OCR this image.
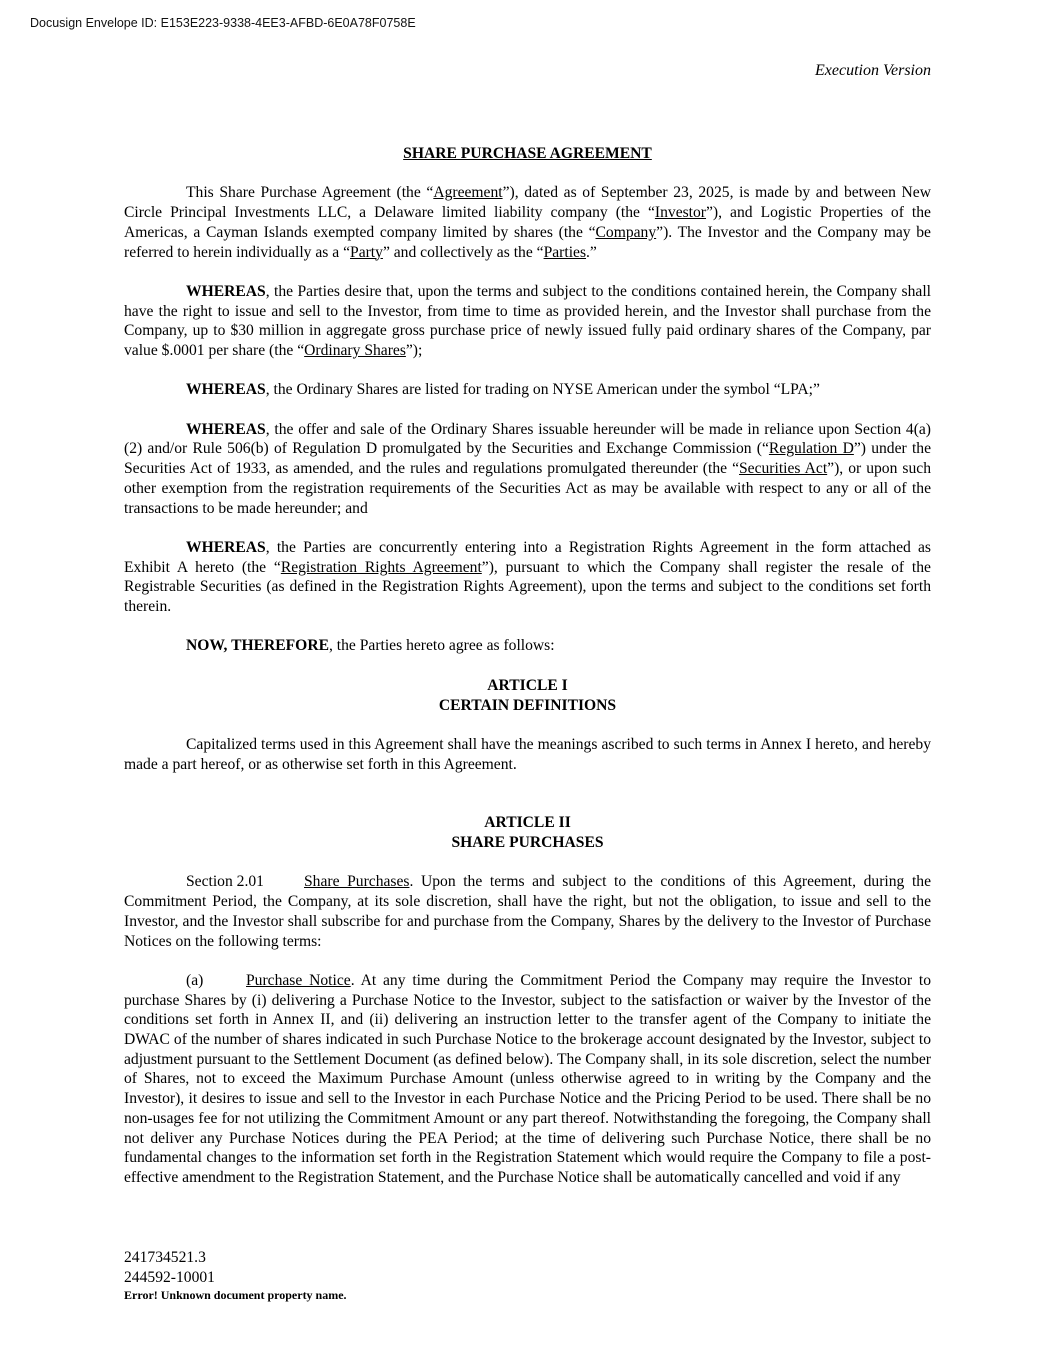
Docusign Envelope ID: E153E223-9338-4EE3-AFBD-6E0A78F0758E
Execution Version
SHARE PURCHASE AGREEMENT

This Share Purchase Agreement (the “Agreement”), dated as of September 23, 2025, is made by and between New Circle Principal Investments LLC, a Delaware limited liability company (the “Investor”), and Logistic Properties of the Americas, a Cayman Islands exempted company limited by shares (the “Company”). The Investor and the Company may be referred to herein individually as a “Party” and collectively as the “Parties.”

WHEREAS, the Parties desire that, upon the terms and subject to the conditions contained herein, the Company shall have the right to issue and sell to the Investor, from time to time as provided herein, and the Investor shall purchase from the Company, up to $30 million in aggregate gross purchase price of newly issued fully paid ordinary shares of the Company, par value $.0001 per share (the “Ordinary Shares”);

WHEREAS, the Ordinary Shares are listed for trading on NYSE American under the symbol “LPA;”

WHEREAS, the offer and sale of the Ordinary Shares issuable hereunder will be made in reliance upon Section 4(a)(2) and/or Rule 506(b) of Regulation D promulgated by the Securities and Exchange Commission (“Regulation D”) under the Securities Act of 1933, as amended, and the rules and regulations promulgated thereunder (the “Securities Act”), or upon such other exemption from the registration requirements of the Securities Act as may be available with respect to any or all of the transactions to be made hereunder; and

WHEREAS, the Parties are concurrently entering into a Registration Rights Agreement in the form attached as Exhibit A hereto (the “Registration Rights Agreement”), pursuant to which the Company shall register the resale of the Registrable Securities (as defined in the Registration Rights Agreement), upon the terms and subject to the conditions set forth therein.

NOW, THEREFORE, the Parties hereto agree as follows:

ARTICLE I
CERTAIN DEFINITIONS

Capitalized terms used in this Agreement shall have the meanings ascribed to such terms in Annex I hereto, and hereby made a part hereof, or as otherwise set forth in this Agreement.

ARTICLE II
SHARE PURCHASES

Section 2.01	Share Purchases. Upon the terms and subject to the conditions of this Agreement, during the Commitment Period, the Company, at its sole discretion, shall have the right, but not the obligation, to issue and sell to the Investor, and the Investor shall subscribe for and purchase from the Company, Shares by the delivery to the Investor of Purchase Notices on the following terms:

(a)	Purchase Notice. At any time during the Commitment Period the Company may require the Investor to purchase Shares by (i) delivering a Purchase Notice to the Investor, subject to the satisfaction or waiver by the Investor of the conditions set forth in Annex II, and (ii) delivering an instruction letter to the transfer agent of the Company to initiate the DWAC of the number of shares indicated in such Purchase Notice to the brokerage account designated by the Investor, subject to adjustment pursuant to the Settlement Document (as defined below). The Company shall, in its sole discretion, select the number of Shares, not to exceed the Maximum Purchase Amount (unless otherwise agreed to in writing by the Company and the Investor), it desires to issue and sell to the Investor in each Purchase Notice and the Pricing Period to be used. There shall be no non-usages fee for not utilizing the Commitment Amount or any part thereof. Notwithstanding the foregoing, the Company shall not deliver any Purchase Notices during the PEA Period; at the time of delivering such Purchase Notice, there shall be no fundamental changes to the information set forth in the Registration Statement which would require the Company to file a post-effective amendment to the Registration Statement, and the Purchase Notice shall be automatically cancelled and void if any

241734521.3
244592-10001
Error! Unknown document property name.
